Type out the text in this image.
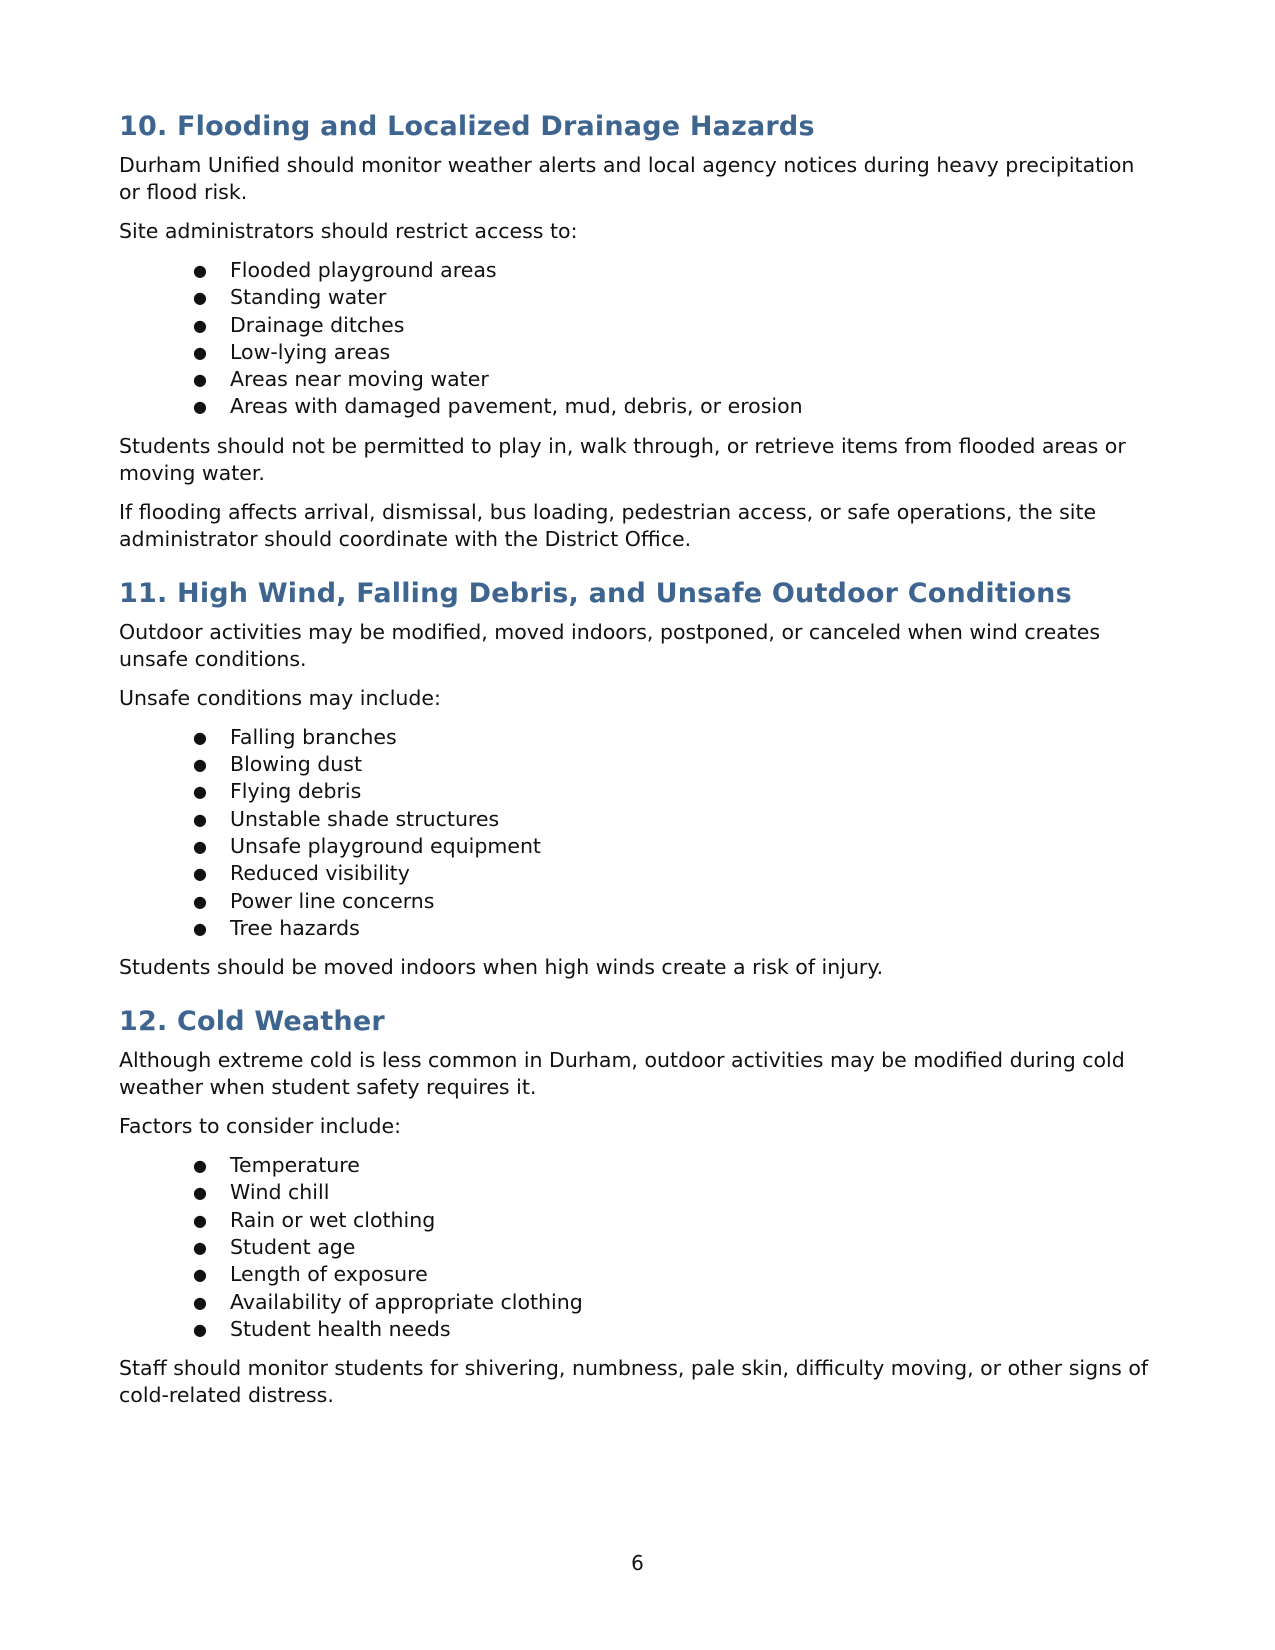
10. Flooding and Localized Drainage Hazards

Durham Unified should monitor weather alerts and local agency notices during heavy precipitation or flood risk.

Site administrators should restrict access to:

● Flooded playground areas
● Standing water
● Drainage ditches
● Low-lying areas
● Areas near moving water
● Areas with damaged pavement, mud, debris, or erosion

Students should not be permitted to play in, walk through, or retrieve items from flooded areas or moving water.

If flooding affects arrival, dismissal, bus loading, pedestrian access, or safe operations, the site administrator should coordinate with the District Office.

11. High Wind, Falling Debris, and Unsafe Outdoor Conditions

Outdoor activities may be modified, moved indoors, postponed, or canceled when wind creates unsafe conditions.

Unsafe conditions may include:

● Falling branches
● Blowing dust
● Flying debris
● Unstable shade structures
● Unsafe playground equipment
● Reduced visibility
● Power line concerns
● Tree hazards

Students should be moved indoors when high winds create a risk of injury.

12. Cold Weather

Although extreme cold is less common in Durham, outdoor activities may be modified during cold weather when student safety requires it.

Factors to consider include:

● Temperature
● Wind chill
● Rain or wet clothing
● Student age
● Length of exposure
● Availability of appropriate clothing
● Student health needs

Staff should monitor students for shivering, numbness, pale skin, difficulty moving, or other signs of cold-related distress.

6
